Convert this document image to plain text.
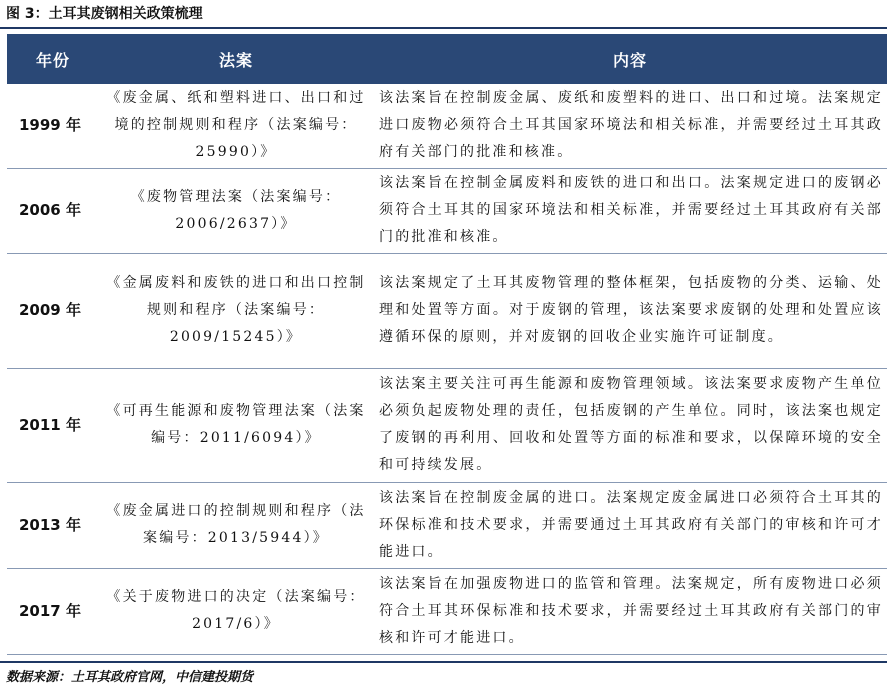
图 3：土耳其废钢相关政策梳理
年份	法案	内容
1999 年	《废金属、纸和塑料进口、出口和过境的控制规则和程序（法案编号：25990）》	该法案旨在控制废金属、废纸和废塑料的进口、出口和过境。法案规定进口废物必须符合土耳其国家环境法和相关标准，并需要经过土耳其政府有关部门的批准和核准。
2006 年	《废物管理法案（法案编号：2006/2637）》	该法案旨在控制金属废料和废铁的进口和出口。法案规定进口的废钢必须符合土耳其的国家环境法和相关标准，并需要经过土耳其政府有关部门的批准和核准。
2009 年	《金属废料和废铁的进口和出口控制规则和程序（法案编号：2009/15245）》	该法案规定了土耳其废物管理的整体框架，包括废物的分类、运输、处理和处置等方面。对于废钢的管理，该法案要求废钢的处理和处置应该遵循环保的原则，并对废钢的回收企业实施许可证制度。
2011 年	《可再生能源和废物管理法案（法案编号：2011/6094）》	该法案主要关注可再生能源和废物管理领域。该法案要求废物产生单位必须负起废物处理的责任，包括废钢的产生单位。同时，该法案也规定了废钢的再利用、回收和处置等方面的标准和要求，以保障环境的安全和可持续发展。
2013 年	《废金属进口的控制规则和程序（法案编号：2013/5944）》	该法案旨在控制废金属的进口。法案规定废金属进口必须符合土耳其的环保标准和技术要求，并需要通过土耳其政府有关部门的审核和许可才能进口。
2017 年	《关于废物进口的决定（法案编号：2017/6）》	该法案旨在加强废物进口的监管和管理。法案规定，所有废物进口必须符合土耳其环保标准和技术要求，并需要经过土耳其政府有关部门的审核和许可才能进口。
数据来源：土耳其政府官网，中信建投期货
